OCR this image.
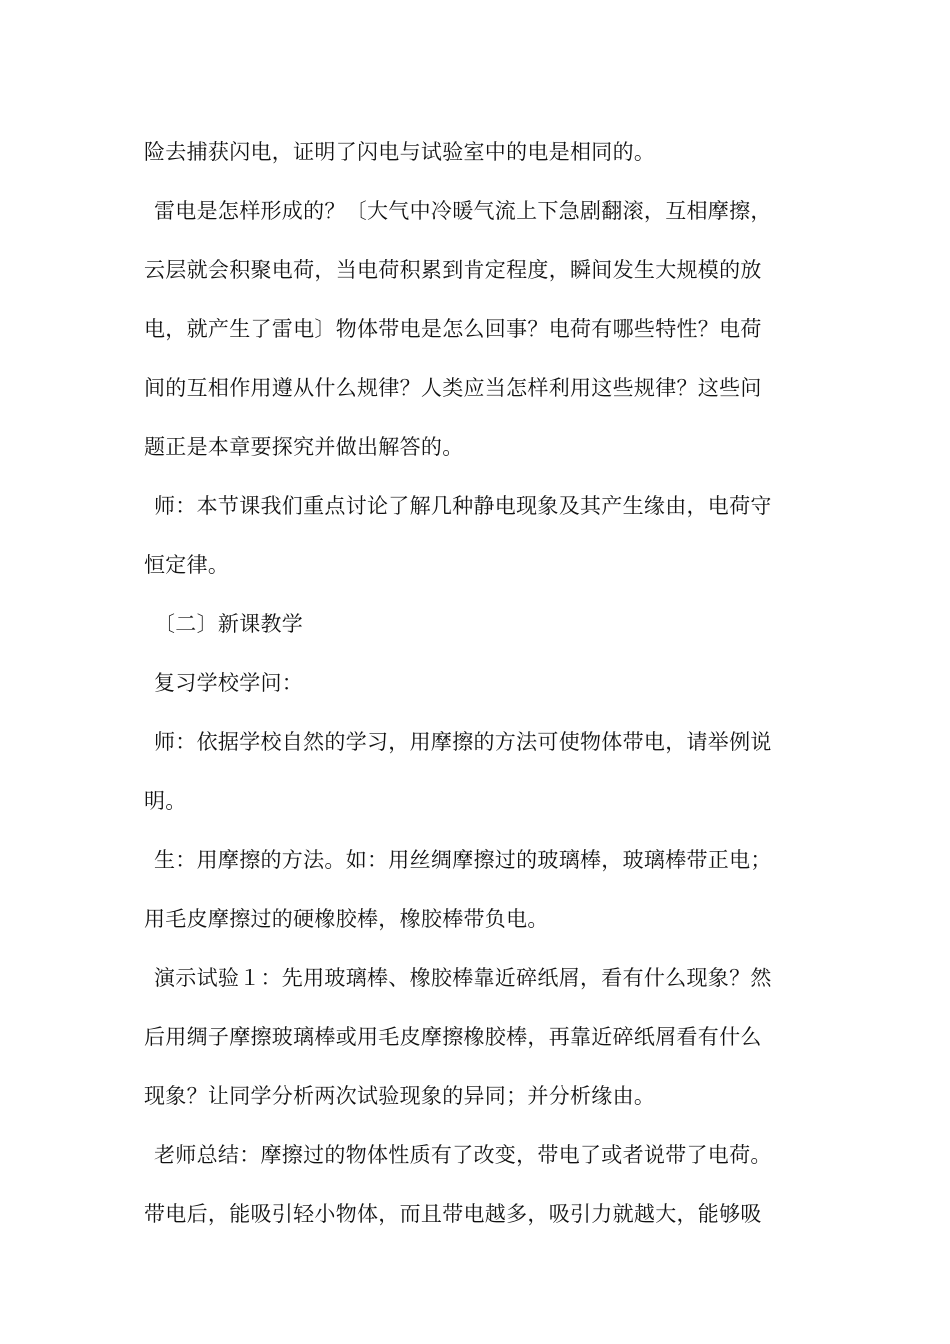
险去捕获闪电，证明了闪电与试验室中的电是相同的。
雷电是怎样形成的？〔大气中冷暖气流上下急剧翻滚，互相摩擦，
云层就会积聚电荷，当电荷积累到肯定程度，瞬间发生大规模的放
电，就产生了雷电〕物体带电是怎么回事？电荷有哪些特性？电荷
间的互相作用遵从什么规律？人类应当怎样利用这些规律？这些问
题正是本章要探究并做出解答的。
师：本节课我们重点讨论了解几种静电现象及其产生缘由，电荷守
恒定律。
〔二〕新课教学
复习学校学问：
师：依据学校自然的学习，用摩擦的方法可使物体带电，请举例说
明。
生：用摩擦的方法。如：用丝绸摩擦过的玻璃棒，玻璃棒带正电；
用毛皮摩擦过的硬橡胶棒，橡胶棒带负电。
演示试验１：先用玻璃棒、橡胶棒靠近碎纸屑，看有什么现象？然
后用绸子摩擦玻璃棒或用毛皮摩擦橡胶棒，再靠近碎纸屑看有什么
现象？让同学分析两次试验现象的异同；并分析缘由。
老师总结：摩擦过的物体性质有了改变，带电了或者说带了电荷。
带电后，能吸引轻小物体，而且带电越多，吸引力就越大，能够吸
